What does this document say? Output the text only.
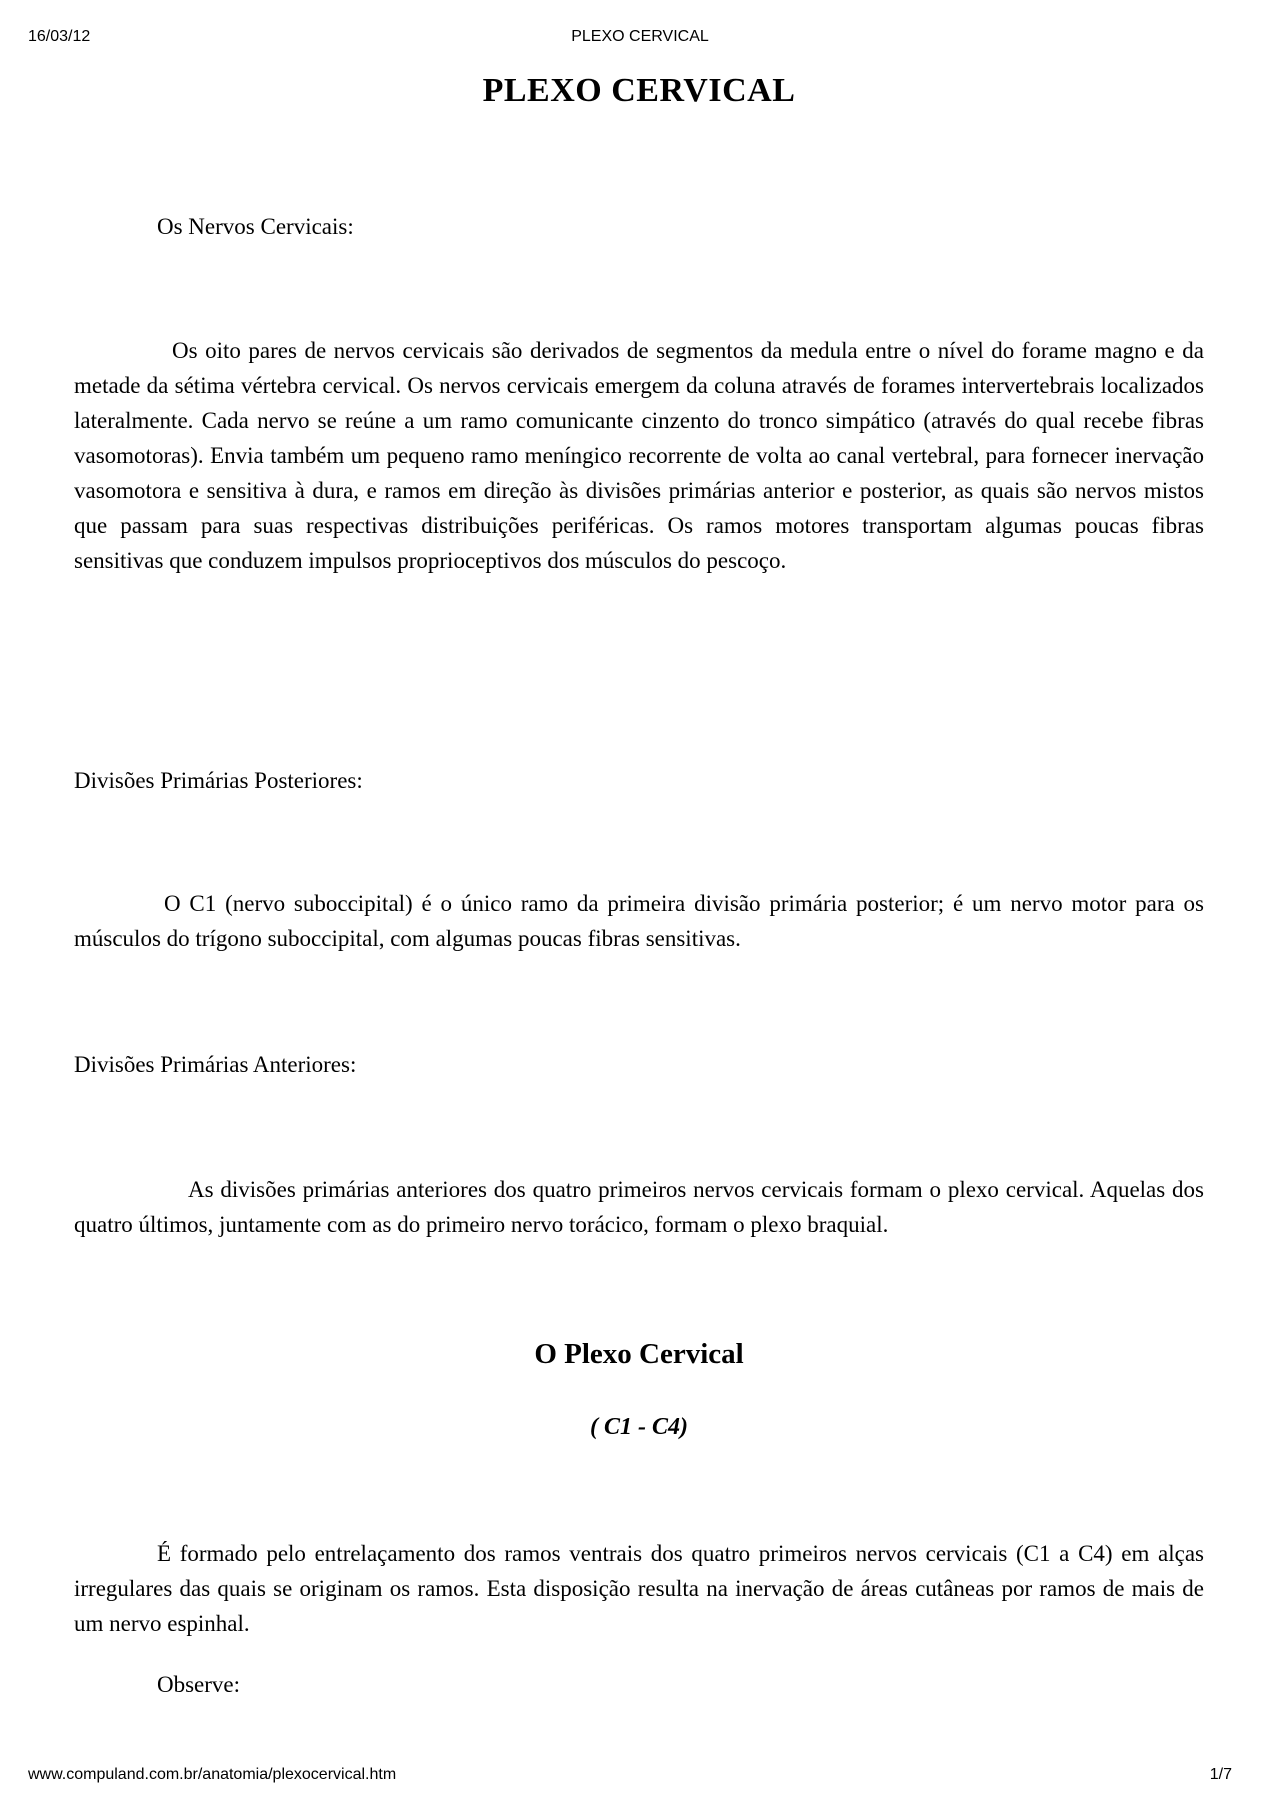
16/03/12	PLEXO CERVICAL
PLEXO CERVICAL

Os Nervos Cervicais:

Os oito pares de nervos cervicais são derivados de segmentos da medula entre o nível do forame magno e da metade da sétima vértebra cervical. Os nervos cervicais emergem da coluna através de forames intervertebrais localizados lateralmente. Cada nervo se reúne a um ramo comunicante cinzento do tronco simpático (através do qual recebe fibras vasomotoras). Envia também um pequeno ramo meníngico recorrente de volta ao canal vertebral, para fornecer inervação vasomotora e sensitiva à dura, e ramos em direção às divisões primárias anterior e posterior, as quais são nervos mistos que passam para suas respectivas distribuições periféricas. Os ramos motores transportam algumas poucas fibras sensitivas que conduzem impulsos proprioceptivos dos músculos do pescoço.

Divisões Primárias Posteriores:

O C1 (nervo suboccipital) é o único ramo da primeira divisão primária posterior; é um nervo motor para os músculos do trígono suboccipital, com algumas poucas fibras sensitivas.

Divisões Primárias Anteriores:

As divisões primárias anteriores dos quatro primeiros nervos cervicais formam o plexo cervical. Aquelas dos quatro últimos, juntamente com as do primeiro nervo torácico, formam o plexo braquial.

O Plexo Cervical

( C1 - C4)

É formado pelo entrelaçamento dos ramos ventrais dos quatro primeiros nervos cervicais (C1 a C4) em alças irregulares das quais se originam os ramos. Esta disposição resulta na inervação de áreas cutâneas por ramos de mais de um nervo espinhal.

Observe:

www.compuland.com.br/anatomia/plexocervical.htm	1/7
